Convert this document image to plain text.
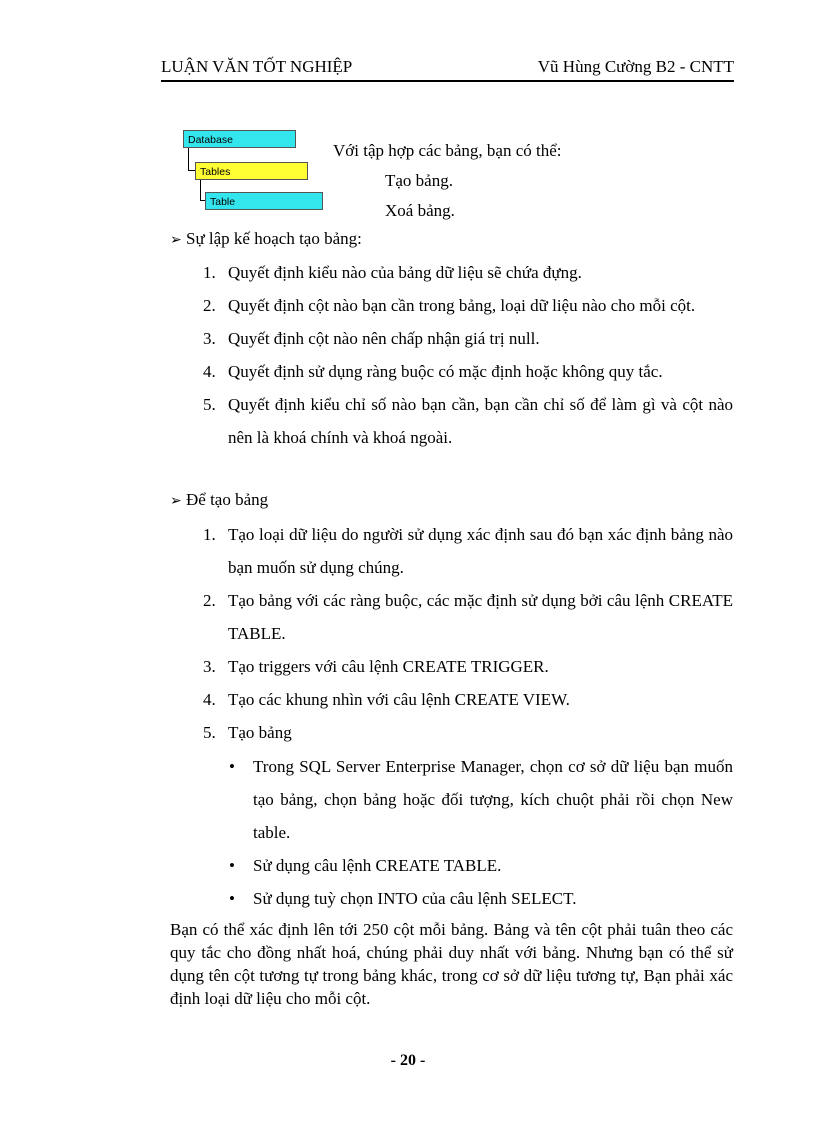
LUẬN VĂN TỐT NGHIỆP	Vũ Hùng Cường B2 - CNTT
Database
Tables
Table
Với tập hợp các bảng, bạn có thể:
Tạo bảng.
Xoá bảng.
➢ Sự lập kế hoạch tạo bảng:
1. Quyết định kiểu nào của bảng dữ liệu sẽ chứa đựng.
2. Quyết định cột nào bạn cần trong bảng, loại dữ liệu nào cho mỗi cột.
3. Quyết định cột nào nên chấp nhận giá trị null.
4. Quyết định sử dụng ràng buộc có mặc định hoặc không quy tắc.
5. Quyết định kiểu chỉ số nào bạn cần, bạn cần chỉ số để làm gì và cột nào nên là khoá chính và khoá ngoài.
➢ Để tạo bảng
1. Tạo loại dữ liệu do người sử dụng xác định sau đó bạn xác định bảng nào bạn muốn sử dụng chúng.
2. Tạo bảng với các ràng buộc, các mặc định sử dụng bởi câu lệnh CREATE TABLE.
3. Tạo triggers với câu lệnh CREATE TRIGGER.
4. Tạo các khung nhìn với câu lệnh CREATE VIEW.
5. Tạo bảng
• Trong SQL Server Enterprise Manager, chọn cơ sở dữ liệu bạn muốn tạo bảng, chọn bảng hoặc đối tượng, kích chuột phải rồi chọn New table.
• Sử dụng câu lệnh CREATE TABLE.
• Sử dụng tuỳ chọn INTO của câu lệnh SELECT.
Bạn có thể xác định lên tới 250 cột mỗi bảng. Bảng và tên cột phải tuân theo các quy tắc cho đồng nhất hoá, chúng phải duy nhất với bảng. Nhưng bạn có thể sử dụng tên cột tương tự trong bảng khác, trong cơ sở dữ liệu tương tự, Bạn phải xác định loại dữ liệu cho mỗi cột.
- 20 -
